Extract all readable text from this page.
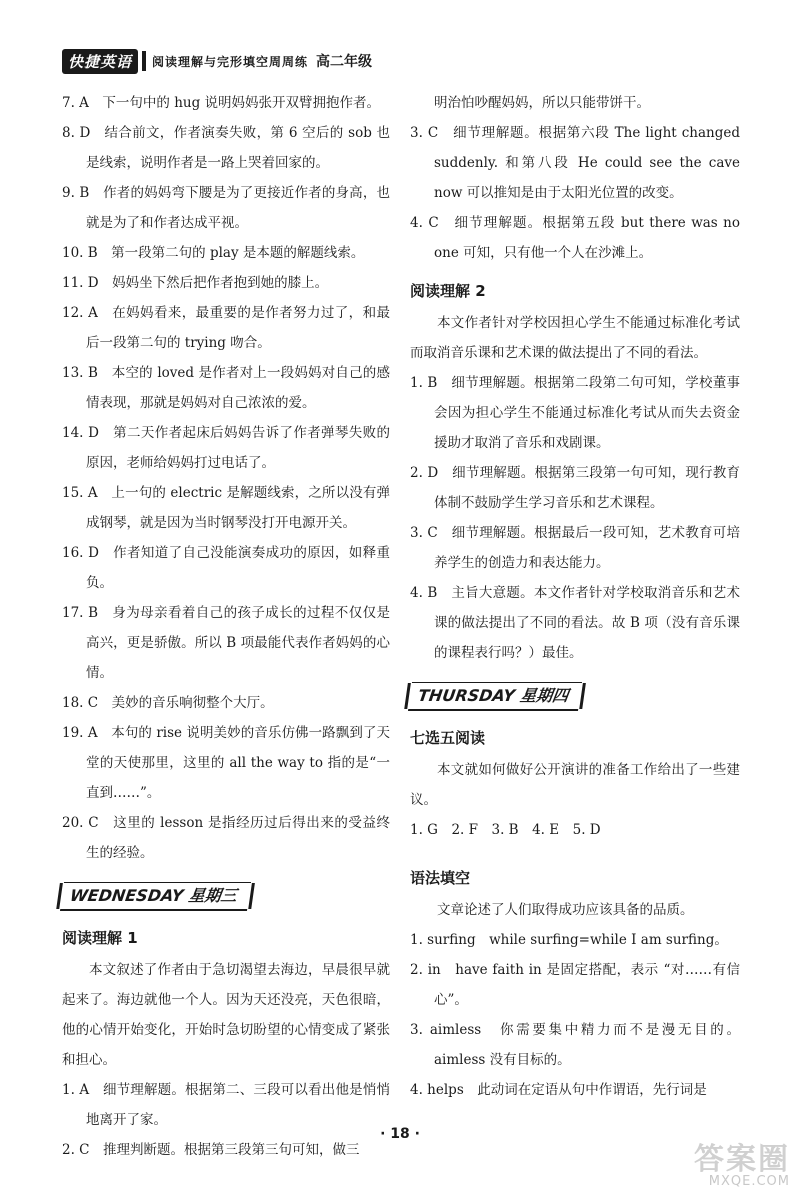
快捷英语	阅读理解与完形填空周周练 高二年级
7. A　下一句中的 hug 说明妈妈张开双臂拥抱作者。
8. D　结合前文，作者演奏失败，第 6 空后的 sob 也是线索，说明作者是一路上哭着回家的。
9. B　作者的妈妈弯下腰是为了更接近作者的身高，也就是为了和作者达成平视。
10. B　第一段第二句的 play 是本题的解题线索。
11. D　妈妈坐下然后把作者抱到她的膝上。
12. A　在妈妈看来，最重要的是作者努力过了，和最后一段第二句的 trying 吻合。
13. B　本空的 loved 是作者对上一段妈妈对自己的感情表现，那就是妈妈对自己浓浓的爱。
14. D　第二天作者起床后妈妈告诉了作者弹琴失败的原因，老师给妈妈打过电话了。
15. A　上一句的 electric 是解题线索，之所以没有弹成钢琴，就是因为当时钢琴没打开电源开关。
16. D　作者知道了自己没能演奏成功的原因，如释重负。
17. B　身为母亲看着自己的孩子成长的过程不仅仅是高兴，更是骄傲。所以 B 项最能代表作者妈妈的心情。
18. C　美妙的音乐响彻整个大厅。
19. A　本句的 rise 说明美妙的音乐仿佛一路飘到了天堂的天使那里，这里的 all the way to 指的是“一直到……”。
20. C　这里的 lesson 是指经历过后得出来的受益终生的经验。
WEDNESDAY 星期三
阅读理解 1
本文叙述了作者由于急切渴望去海边，早晨很早就起来了。海边就他一个人。因为天还没亮，天色很暗，他的心情开始变化，开始时急切盼望的心情变成了紧张和担心。
1. A　细节理解题。根据第二、三段可以看出他是悄悄地离开了家。
2. C　推理判断题。根据第三段第三句可知，做三
明治怕吵醒妈妈，所以只能带饼干。
3. C　细节理解题。根据第六段 The light changed suddenly. 和第八段 He could see the cave now 可以推知是由于太阳光位置的改变。
4. C　细节理解题。根据第五段 but there was no one 可知，只有他一个人在沙滩上。
阅读理解 2
本文作者针对学校因担心学生不能通过标准化考试而取消音乐课和艺术课的做法提出了不同的看法。
1. B　细节理解题。根据第二段第二句可知，学校董事会因为担心学生不能通过标准化考试从而失去资金援助才取消了音乐和戏剧课。
2. D　细节理解题。根据第三段第一句可知，现行教育体制不鼓励学生学习音乐和艺术课程。
3. C　细节理解题。根据最后一段可知，艺术教育可培养学生的创造力和表达能力。
4. B　主旨大意题。本文作者针对学校取消音乐和艺术课的做法提出了不同的看法。故 B 项（没有音乐课的课程表行吗？）最佳。
THURSDAY 星期四
七选五阅读
本文就如何做好公开演讲的准备工作给出了一些建议。
1. G　2. F　3. B　4. E　5. D
语法填空
文章论述了人们取得成功应该具备的品质。
1. surfing　while surfing=while I am surfing。
2. in　have faith in 是固定搭配，表示 “对……有信心”。
3. aimless　你需要集中精力而不是漫无目的。aimless 没有目标的。
4. helps　此动词在定语从句中作谓语，先行词是
· 18 ·
答案圈
MXQE.COM
